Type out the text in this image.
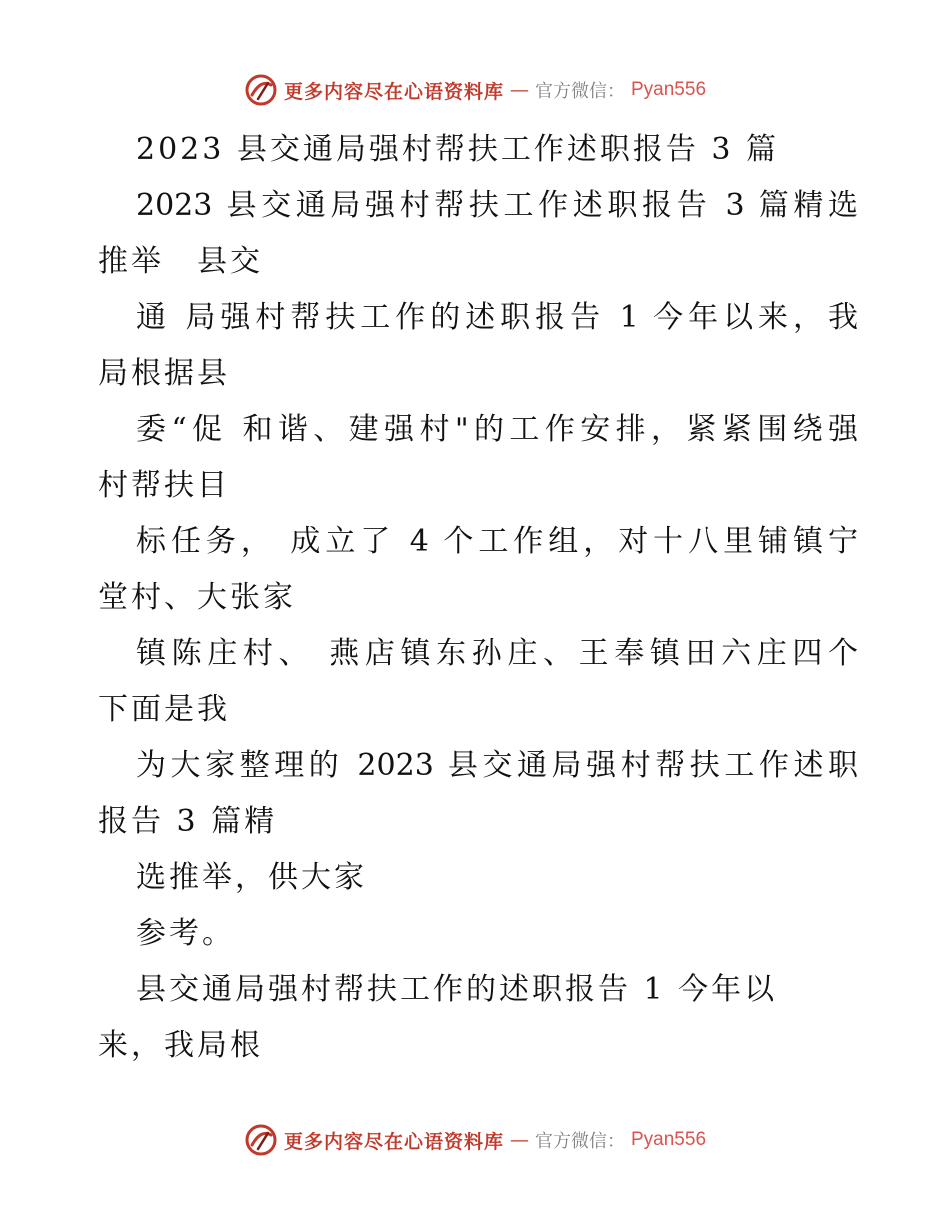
更多内容尽在心语资料库 — 官方微信： Pyan556
2023 县交通局强村帮扶工作述职报告 3 篇
2023 县交通局强村帮扶工作述职报告 3 篇精选
推举　县交
通 局强村帮扶工作的述职报告 1 今年以来，我
局根据县
委“促 和谐、建强村"的工作安排，紧紧围绕强
村帮扶目
标任务， 成立了 4 个工作组，对十八里铺镇宁
堂村、大张家
镇陈庄村、 燕店镇东孙庄、王奉镇田六庄四个
下面是我
为大家整理的 2023 县交通局强村帮扶工作述职
报告 3 篇精
选推举，供大家
参考。
县交通局强村帮扶工作的述职报告 1 今年以
来，我局根
更多内容尽在心语资料库 — 官方微信： Pyan556
